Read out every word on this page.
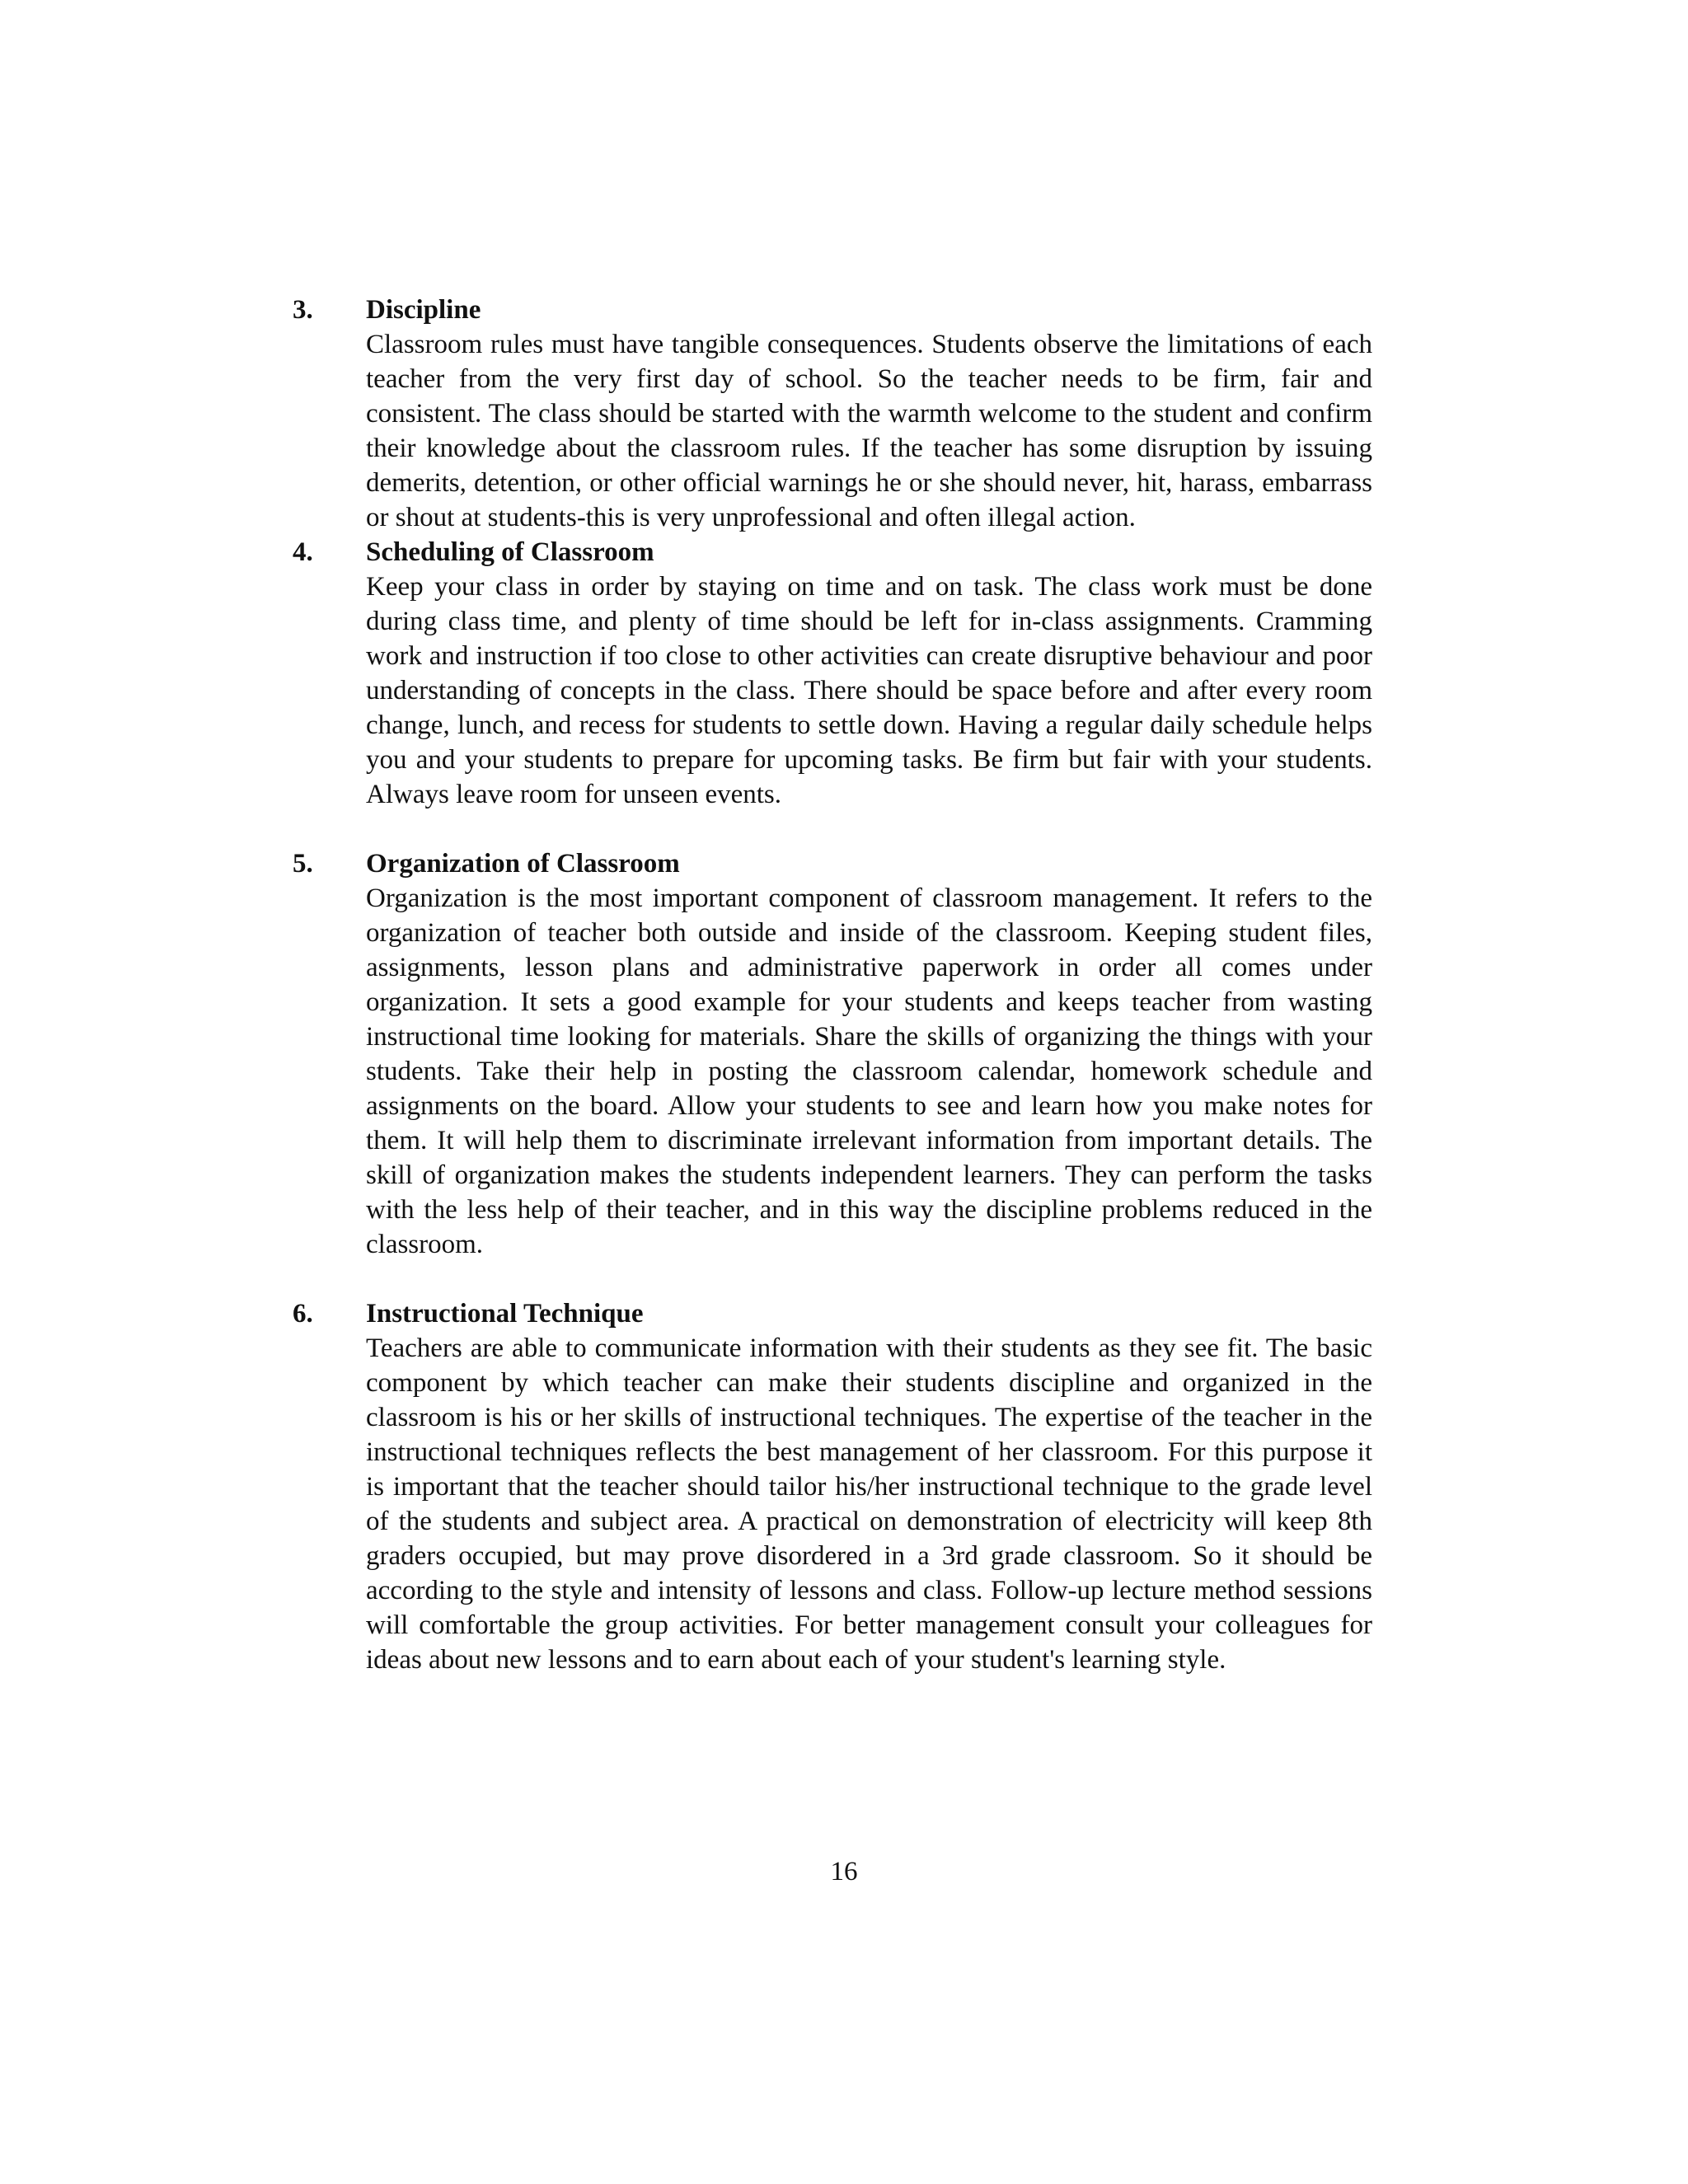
3. Discipline

Classroom rules must have tangible consequences. Students observe the limitations of each teacher from the very first day of school. So the teacher needs to be firm, fair and consistent. The class should be started with the warmth welcome to the student and confirm their knowledge about the classroom rules. If the teacher has some disruption by issuing demerits, detention, or other official warnings he or she should never, hit, harass, embarrass or shout at students-this is very unprofessional and often illegal action.

4. Scheduling of Classroom

Keep your class in order by staying on time and on task. The class work must be done during class time, and plenty of time should be left for in-class assignments. Cramming work and instruction if too close to other activities can create disruptive behaviour and poor understanding of concepts in the class. There should be space before and after every room change, lunch, and recess for students to settle down. Having a regular daily schedule helps you and your students to prepare for upcoming tasks. Be firm but fair with your students. Always leave room for unseen events.

5. Organization of Classroom

Organization is the most important component of classroom management. It refers to the organization of teacher both outside and inside of the classroom. Keeping student files, assignments, lesson plans and administrative paperwork in order all comes under organization. It sets a good example for your students and keeps teacher from wasting instructional time looking for materials. Share the skills of organizing the things with your students. Take their help in posting the classroom calendar, homework schedule and assignments on the board. Allow your students to see and learn how you make notes for them. It will help them to discriminate irrelevant information from important details. The skill of organization makes the students independent learners. They can perform the tasks with the less help of their teacher, and in this way the discipline problems reduced in the classroom.

6. Instructional Technique

Teachers are able to communicate information with their students as they see fit. The basic component by which teacher can make their students discipline and organized in the classroom is his or her skills of instructional techniques. The expertise of the teacher in the instructional techniques reflects the best management of her classroom. For this purpose it is important that the teacher should tailor his/her instructional technique to the grade level of the students and subject area. A practical on demonstration of electricity will keep 8th graders occupied, but may prove disordered in a 3rd grade classroom. So it should be according to the style and intensity of lessons and class. Follow-up lecture method sessions will comfortable the group activities. For better management consult your colleagues for ideas about new lessons and to earn about each of your student's learning style.

16
